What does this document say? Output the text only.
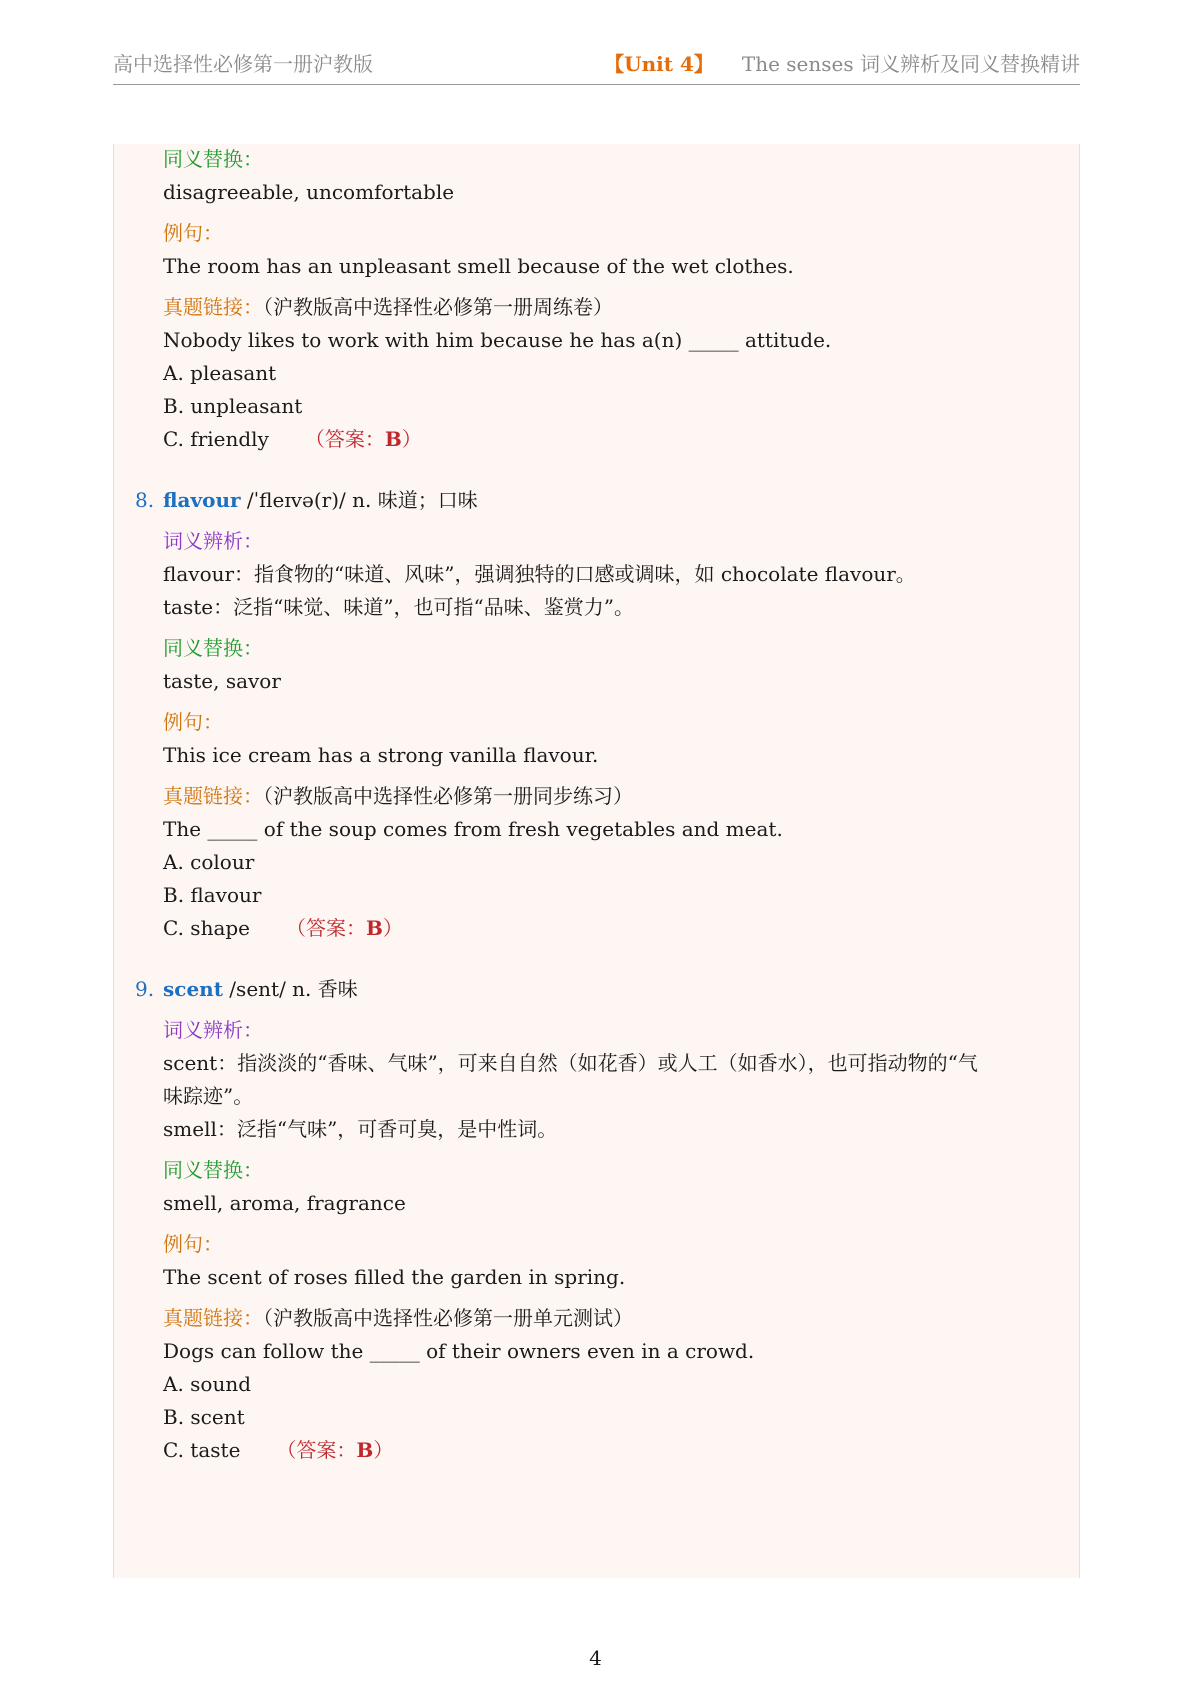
高中选择性必修第一册沪教版	【Unit 4】 The senses 词义辨析及同义替换精讲
同义替换：
disagreeable, uncomfortable
例句：
The room has an unpleasant smell because of the wet clothes.
真题链接：（沪教版高中选择性必修第一册周练卷）
Nobody likes to work with him because he has a(n) _____ attitude.
A. pleasant
B. unpleasant
C. friendly （答案：B）
8. flavour /ˈfleɪvə(r)/ n. 味道；口味
词义辨析：
flavour：指食物的“味道、风味”，强调独特的口感或调味，如 chocolate flavour。
taste：泛指“味觉、味道”，也可指“品味、鉴赏力”。
同义替换：
taste, savor
例句：
This ice cream has a strong vanilla flavour.
真题链接：（沪教版高中选择性必修第一册同步练习）
The _____ of the soup comes from fresh vegetables and meat.
A. colour
B. flavour
C. shape （答案：B）
9. scent /sent/ n. 香味
词义辨析：
scent：指淡淡的“香味、气味”，可来自自然（如花香）或人工（如香水），也可指动物的“气
味踪迹”。
smell：泛指“气味”，可香可臭，是中性词。
同义替换：
smell, aroma, fragrance
例句：
The scent of roses filled the garden in spring.
真题链接：（沪教版高中选择性必修第一册单元测试）
Dogs can follow the _____ of their owners even in a crowd.
A. sound
B. scent
C. taste （答案：B）
4
